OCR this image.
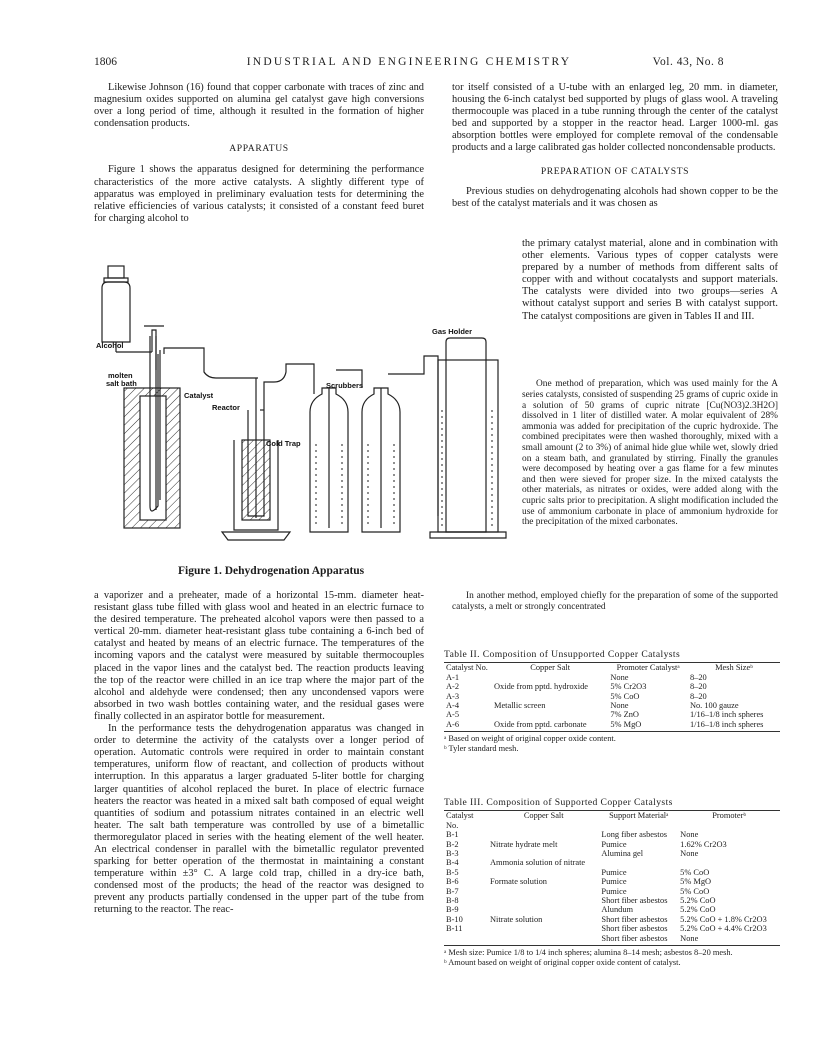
1806	INDUSTRIAL AND ENGINEERING CHEMISTRY	Vol. 43, No. 8

Likewise Johnson (16) found that copper carbonate with traces of zinc and magnesium oxides supported on alumina gel catalyst gave high conversions over a long period of time, although it resulted in the formation of higher condensation products.

APPARATUS

Figure 1 shows the apparatus designed for determining the performance characteristics of the more active catalysts. A slightly different type of apparatus was employed in preliminary evaluation tests for determining the relative efficiencies of various catalysts; it consisted of a constant feed buret for charging alcohol to

tor itself consisted of a U-tube with an enlarged leg, 20 mm. in diameter, housing the 6-inch catalyst bed supported by plugs of glass wool. A traveling thermocouple was placed in a tube running through the center of the catalyst bed and supported by a stopper in the reactor head. Larger 1000-ml. gas absorption bottles were employed for complete removal of the condensable products and a large calibrated gas holder collected noncondensable products.

PREPARATION OF CATALYSTS

Previous studies on dehydrogenating alcohols had shown copper to be the best of the catalyst materials and it was chosen as

the primary catalyst material, alone and in combination with other elements. Various types of copper catalysts were prepared by a number of methods from different salts of copper with and without cocatalysts and support materials. The catalysts were divided into two groups—series A without catalyst support and series B with catalyst support. The catalyst compositions are given in Tables II and III.

One method of preparation, which was used mainly for the A series catalysts, consisted of suspending 25 grams of cupric oxide in a solution of 50 grams of cupric nitrate [Cu(NO3)2.3H2O] dissolved in 1 liter of distilled water. A molar equivalent of 28% ammonia was added for precipitation of the cupric hydroxide. The combined precipitates were then washed thoroughly, mixed with a small amount (2 to 3%) of animal hide glue while wet, slowly dried on a steam bath, and granulated by stirring. Finally the granules were decomposed by heating over a gas flame for a few minutes and then were sieved for proper size. In the mixed catalysts the other materials, as nitrates or oxides, were added along with the cupric salts prior to precipitation. A slight modification included the use of ammonium carbonate in place of ammonium hydroxide for the precipitation of the mixed carbonates.

In another method, employed chiefly for the preparation of some of the supported catalysts, a melt or strongly concentrated

Alcohol
molten
salt bath
Catalyst
Reactor
Cold Trap
Scrubbers
Gas Holder
Figure 1. Dehydrogenation Apparatus

a vaporizer and a preheater, made of a horizontal 15-mm. diameter heat-resistant glass tube filled with glass wool and heated in an electric furnace to the desired temperature. The preheated alcohol vapors were then passed to a vertical 20-mm. diameter heat-resistant glass tube containing a 6-inch bed of catalyst and heated by means of an electric furnace. The temperatures of the incoming vapors and the catalyst were measured by suitable thermocouples placed in the vapor lines and the catalyst bed. The reaction products leaving the top of the reactor were chilled in an ice trap where the major part of the alcohol and aldehyde were condensed; then any uncondensed vapors were absorbed in two wash bottles containing water, and the residual gases were finally collected in an aspirator bottle for measurement.

In the performance tests the dehydrogenation apparatus was changed in order to determine the activity of the catalysts over a longer period of operation. Automatic controls were required in order to maintain constant temperatures, uniform flow of reactant, and collection of products without interruption. In this apparatus a larger graduated 5-liter bottle for charging larger quantities of alcohol replaced the buret. In place of electric furnace heaters the reactor was heated in a mixed salt bath composed of equal weight quantities of sodium and potassium nitrates contained in an electric well heater. The salt bath temperature was controlled by use of a bimetallic thermoregulator placed in series with the heating element of the well heater. An electrical condenser in parallel with the bimetallic regulator prevented sparking for better operation of the thermostat in maintaining a constant temperature within ±3° C. A large cold trap, chilled in a dry-ice bath, condensed most of the products; the head of the reactor was designed to prevent any products partially condensed in the upper part of the tube from returning to the reactor. The reac-

Table II. Composition of Unsupported Copper Catalysts
Catalyst No.	Copper Salt	Promoter Catalystᵃ	Mesh Sizeᵇ
A-1		None	8–20
A-2	Oxide from pptd. hydroxide	5% Cr2O3	8–20
A-3		5% CoO	8–20
A-4	Metallic screen	None	No. 100 gauze
A-5		7% ZnO	1/16–1/8 inch spheres
A-6	Oxide from pptd. carbonate	5% MgO	1/16–1/8 inch spheres
ᵃ Based on weight of original copper oxide content.
ᵇ Tyler standard mesh.
Table III. Composition of Supported Copper Catalysts
Catalyst No.	Copper Salt	Support Materialᵃ	Promoterᵇ
B-1		Long fiber asbestos	None
B-2	Nitrate hydrate melt	Pumice	1.62% Cr2O3
B-3		Alumina gel	None
B-4	Ammonia solution of nitrate		
B-5		Pumice	5% CoO
B-6	Formate solution	Pumice	5% MgO
B-7		Pumice	5% CoO
B-8		Short fiber asbestos	5.2% CoO
B-9		Alundum	5.2% CoO
B-10	Nitrate solution	Short fiber asbestos	5.2% CoO + 1.8% Cr2O3
B-11		Short fiber asbestos	5.2% CoO + 4.4% Cr2O3
		Short fiber asbestos	None
ᵃ Mesh size: Pumice 1/8 to 1/4 inch spheres; alumina 8–14 mesh; asbestos 8–20 mesh.
ᵇ Amount based on weight of original copper oxide content of catalyst.
